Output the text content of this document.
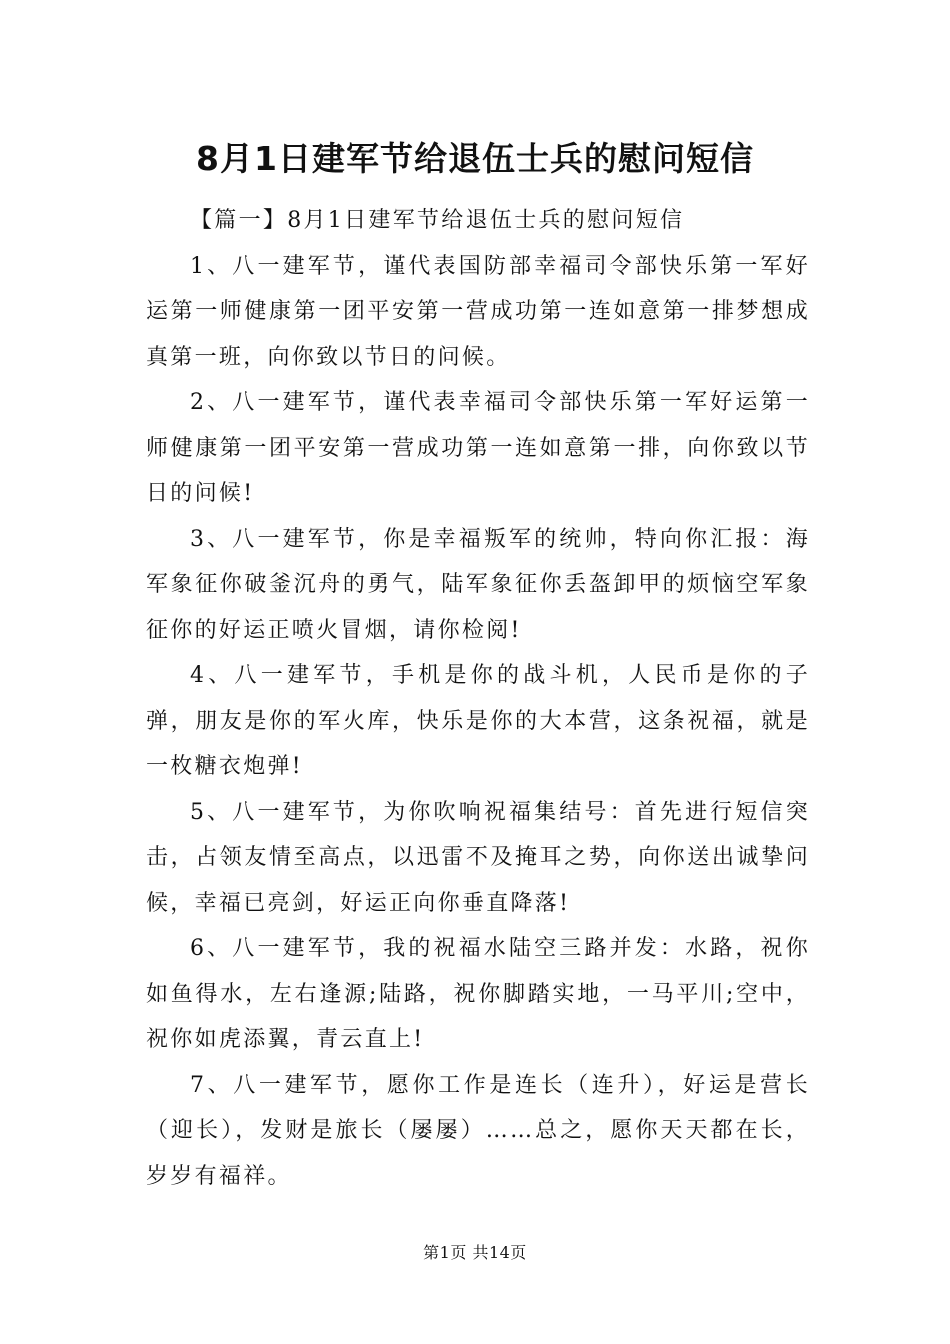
8月1日建军节给退伍士兵的慰问短信

【篇一】8月1日建军节给退伍士兵的慰问短信

1、八一建军节，谨代表国防部幸福司令部快乐第一军好运第一师健康第一团平安第一营成功第一连如意第一排梦想成真第一班，向你致以节日的问候。

2、八一建军节，谨代表幸福司令部快乐第一军好运第一师健康第一团平安第一营成功第一连如意第一排，向你致以节日的问候!

3、八一建军节，你是幸福叛军的统帅，特向你汇报：海军象征你破釜沉舟的勇气，陆军象征你丢盔卸甲的烦恼空军象征你的好运正喷火冒烟，请你检阅!

4、八一建军节，手机是你的战斗机，人民币是你的子弹，朋友是你的军火库，快乐是你的大本营，这条祝福，就是一枚糖衣炮弹!

5、八一建军节，为你吹响祝福集结号：首先进行短信突击，占领友情至高点，以迅雷不及掩耳之势，向你送出诚挚问候，幸福已亮剑，好运正向你垂直降落!

6、八一建军节，我的祝福水陆空三路并发：水路，祝你如鱼得水，左右逢源;陆路，祝你脚踏实地，一马平川;空中，祝你如虎添翼，青云直上!

7、八一建军节，愿你工作是连长（连升），好运是营长（迎长），发财是旅长（屡屡）……总之，愿你天天都在长，岁岁有福祥。

第1页 共14页
